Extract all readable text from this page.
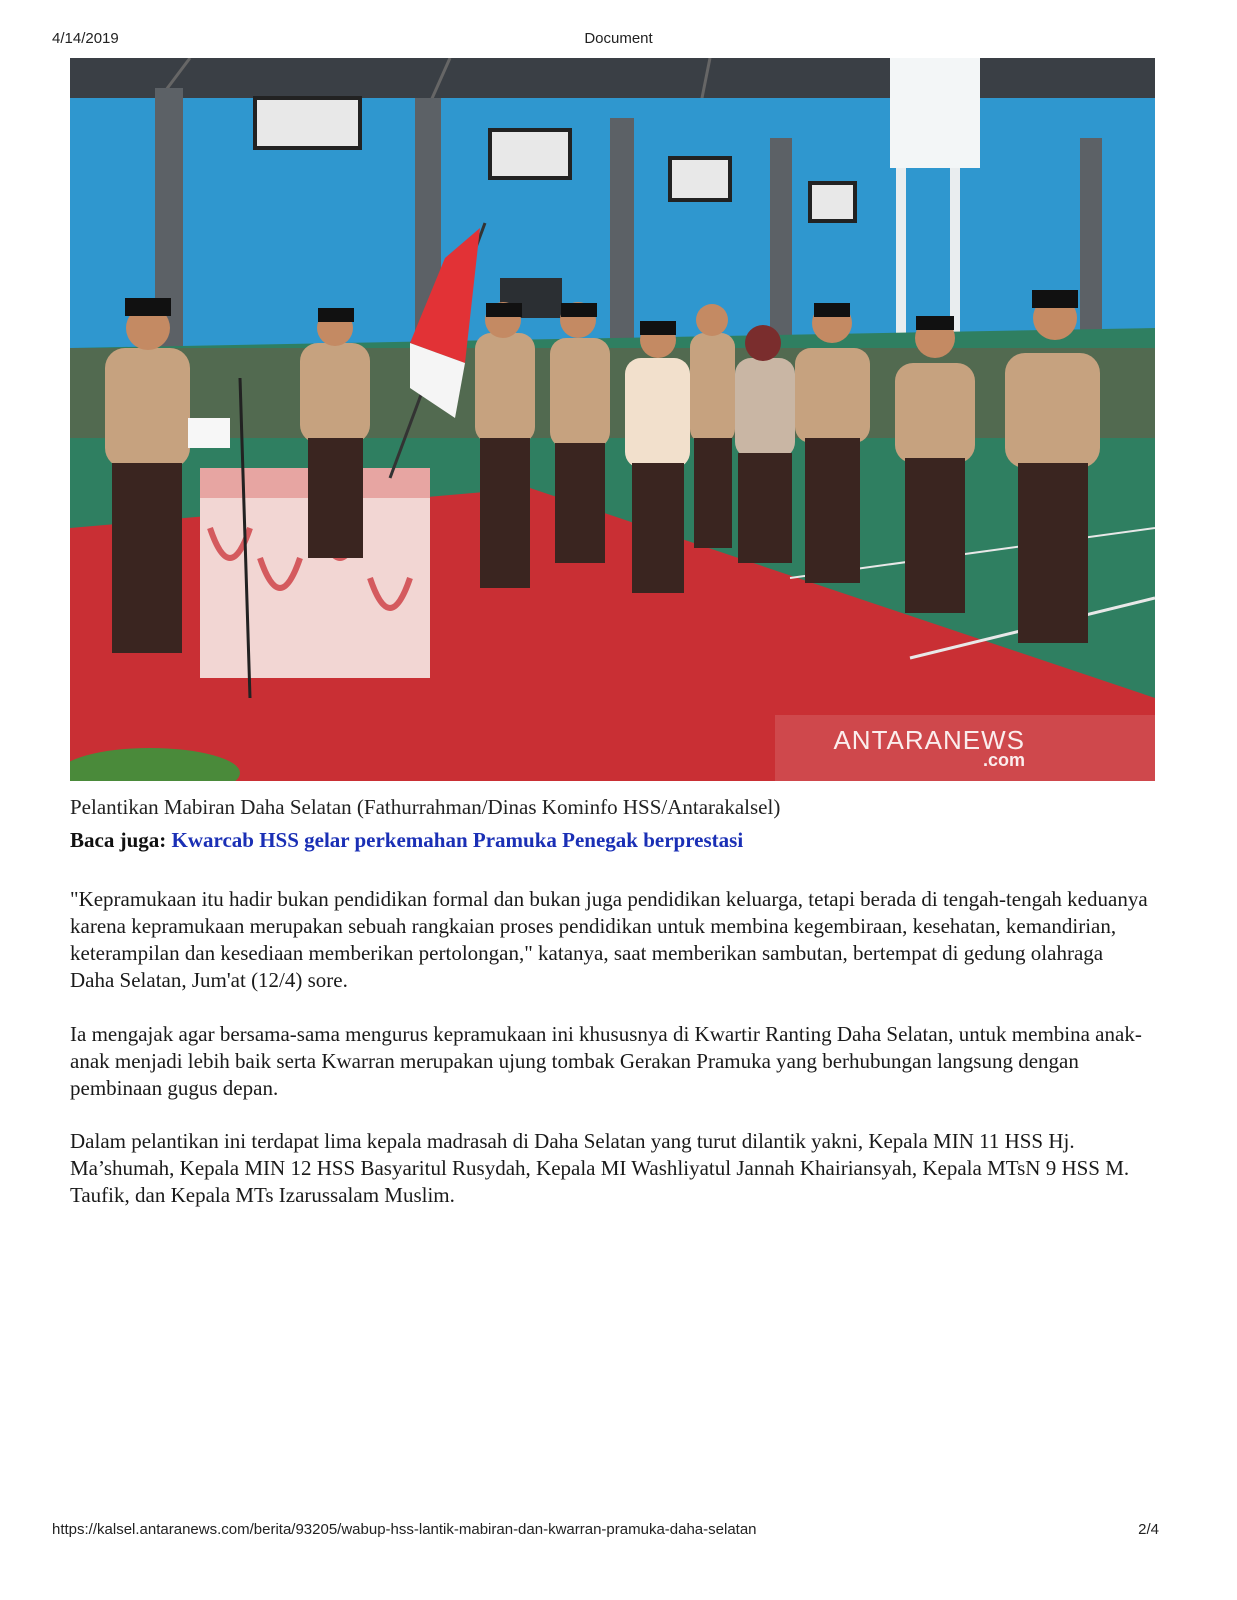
4/14/2019	Document
ANTARANEWS
.com
Pelantikan Mabiran Daha Selatan (Fathurrahman/Dinas Kominfo HSS/Antarakalsel)
Baca juga: Kwarcab HSS gelar perkemahan Pramuka Penegak berprestasi

"Kepramukaan itu hadir bukan pendidikan formal dan bukan juga pendidikan keluarga, tetapi berada di tengah-tengah keduanya karena kepramukaan merupakan sebuah rangkaian proses pendidikan untuk membina kegembiraan, kesehatan, kemandirian, keterampilan dan kesediaan memberikan pertolongan," katanya, saat memberikan sambutan, bertempat di gedung olahraga Daha Selatan, Jum'at (12/4) sore.

Ia mengajak agar bersama-sama mengurus kepramukaan ini khususnya di Kwartir Ranting Daha Selatan, untuk membina anak-anak menjadi lebih baik serta Kwarran merupakan ujung tombak Gerakan Pramuka yang berhubungan langsung dengan pembinaan gugus depan.

Dalam pelantikan ini terdapat lima kepala madrasah di Daha Selatan yang turut dilantik yakni, Kepala MIN 11 HSS Hj. Ma’shumah, Kepala MIN 12 HSS Basyaritul Rusydah, Kepala MI Washliyatul Jannah Khairiansyah, Kepala MTsN 9 HSS M. Taufik, dan Kepala MTs Izarussalam Muslim.

https://kalsel.antaranews.com/berita/93205/wabup-hss-lantik-mabiran-dan-kwarran-pramuka-daha-selatan	2/4
